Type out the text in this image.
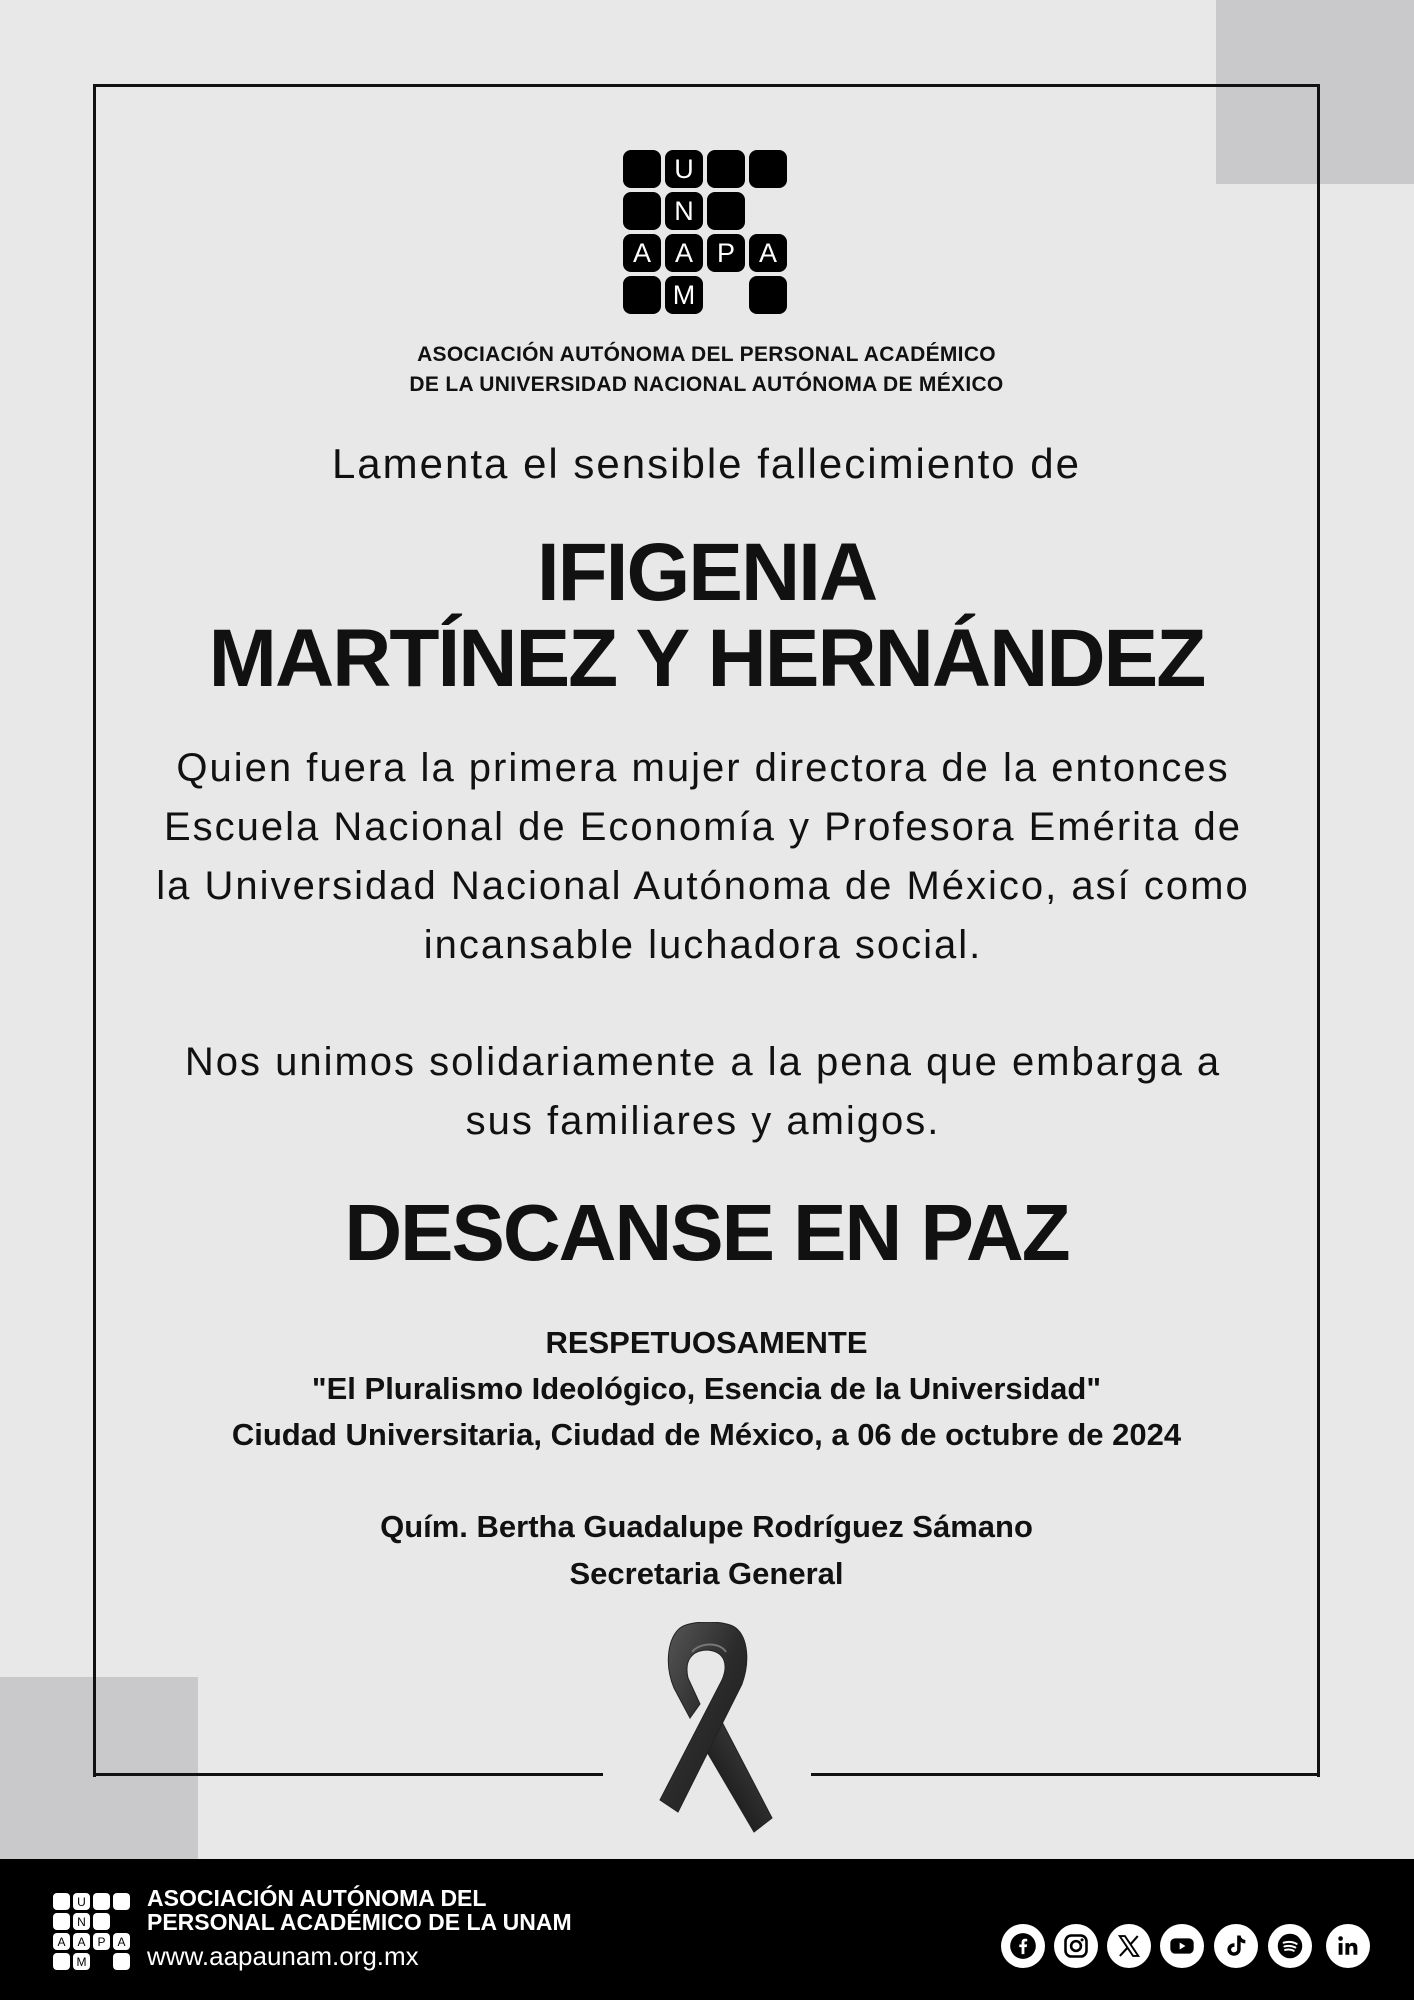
U
N
A A P A
M
ASOCIACIÓN AUTÓNOMA DEL PERSONAL ACADÉMICO
DE LA UNIVERSIDAD NACIONAL AUTÓNOMA DE MÉXICO
Lamenta el sensible fallecimiento de
IFIGENIA
MARTÍNEZ Y HERNÁNDEZ
Quien fuera la primera mujer directora de la entonces
Escuela Nacional de Economía y Profesora Emérita de
la Universidad Nacional Autónoma de México, así como
incansable luchadora social.
Nos unimos solidariamente a la pena que embarga a
sus familiares y amigos.
DESCANSE EN PAZ
RESPETUOSAMENTE
"El Pluralismo Ideológico, Esencia de la Universidad"
Ciudad Universitaria, Ciudad de México, a 06 de octubre de 2024
Quím. Bertha Guadalupe Rodríguez Sámano
Secretaria General
U
N
A A P A
M
ASOCIACIÓN AUTÓNOMA DEL
PERSONAL ACADÉMICO DE LA UNAM
www.aapaunam.org.mx
